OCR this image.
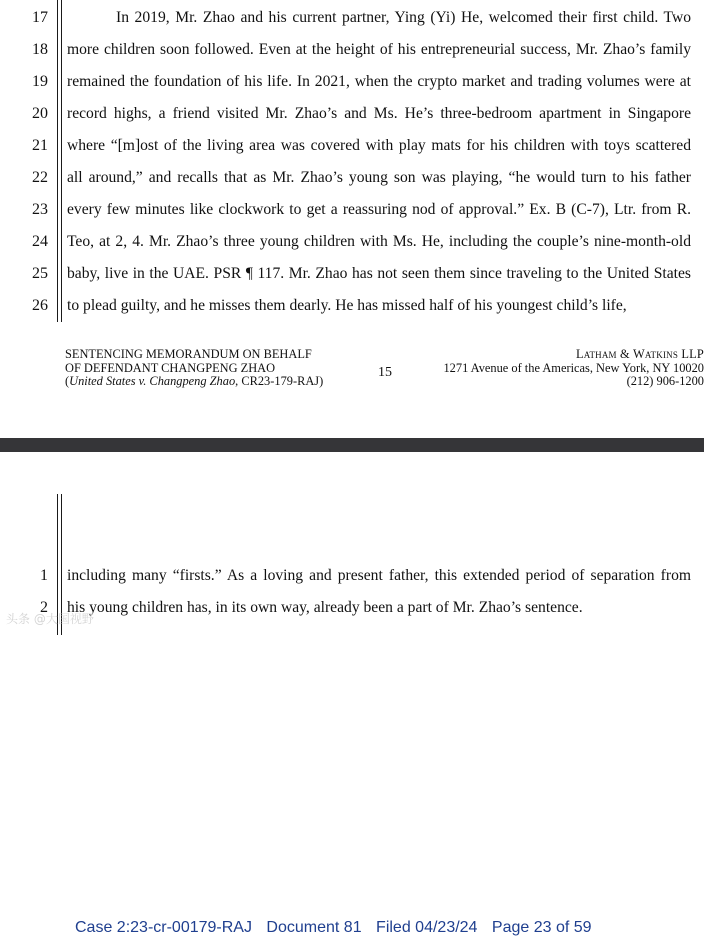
17	In 2019, Mr. Zhao and his current partner, Ying (Yi) He, welcomed their first child. Two
18 more children soon followed. Even at the height of his entrepreneurial success, Mr. Zhao’s family
19 remained the foundation of his life. In 2021, when the crypto market and trading volumes were at
20 record highs, a friend visited Mr. Zhao’s and Ms. He’s three-bedroom apartment in Singapore
21 where “[m]ost of the living area was covered with play mats for his children with toys scattered
22 all around,” and recalls that as Mr. Zhao’s young son was playing, “he would turn to his father
23 every few minutes like clockwork to get a reassuring nod of approval.” Ex. B (C-7), Ltr. from R.
24 Teo, at 2, 4. Mr. Zhao’s three young children with Ms. He, including the couple’s nine-month-old
25 baby, live in the UAE. PSR ¶ 117. Mr. Zhao has not seen them since traveling to the United States
26 to plead guilty, and he misses them dearly. He has missed half of his youngest child’s life,
SENTENCING MEMORANDUM ON BEHALF
OF DEFENDANT CHANGPENG ZHAO
(United States v. Changpeng Zhao, CR23-179-RAJ)
15
Latham & Watkins LLP
1271 Avenue of the Americas, New York, NY 10020
(212) 906-1200
Case 2:23-cr-00179-RAJ Document 81 Filed 04/23/24 Page 23 of 59
1 including many “firsts.” As a loving and present father, this extended period of separation from
2 his young children has, in its own way, already been a part of Mr. Zhao’s sentence.
头条 @大国视野
